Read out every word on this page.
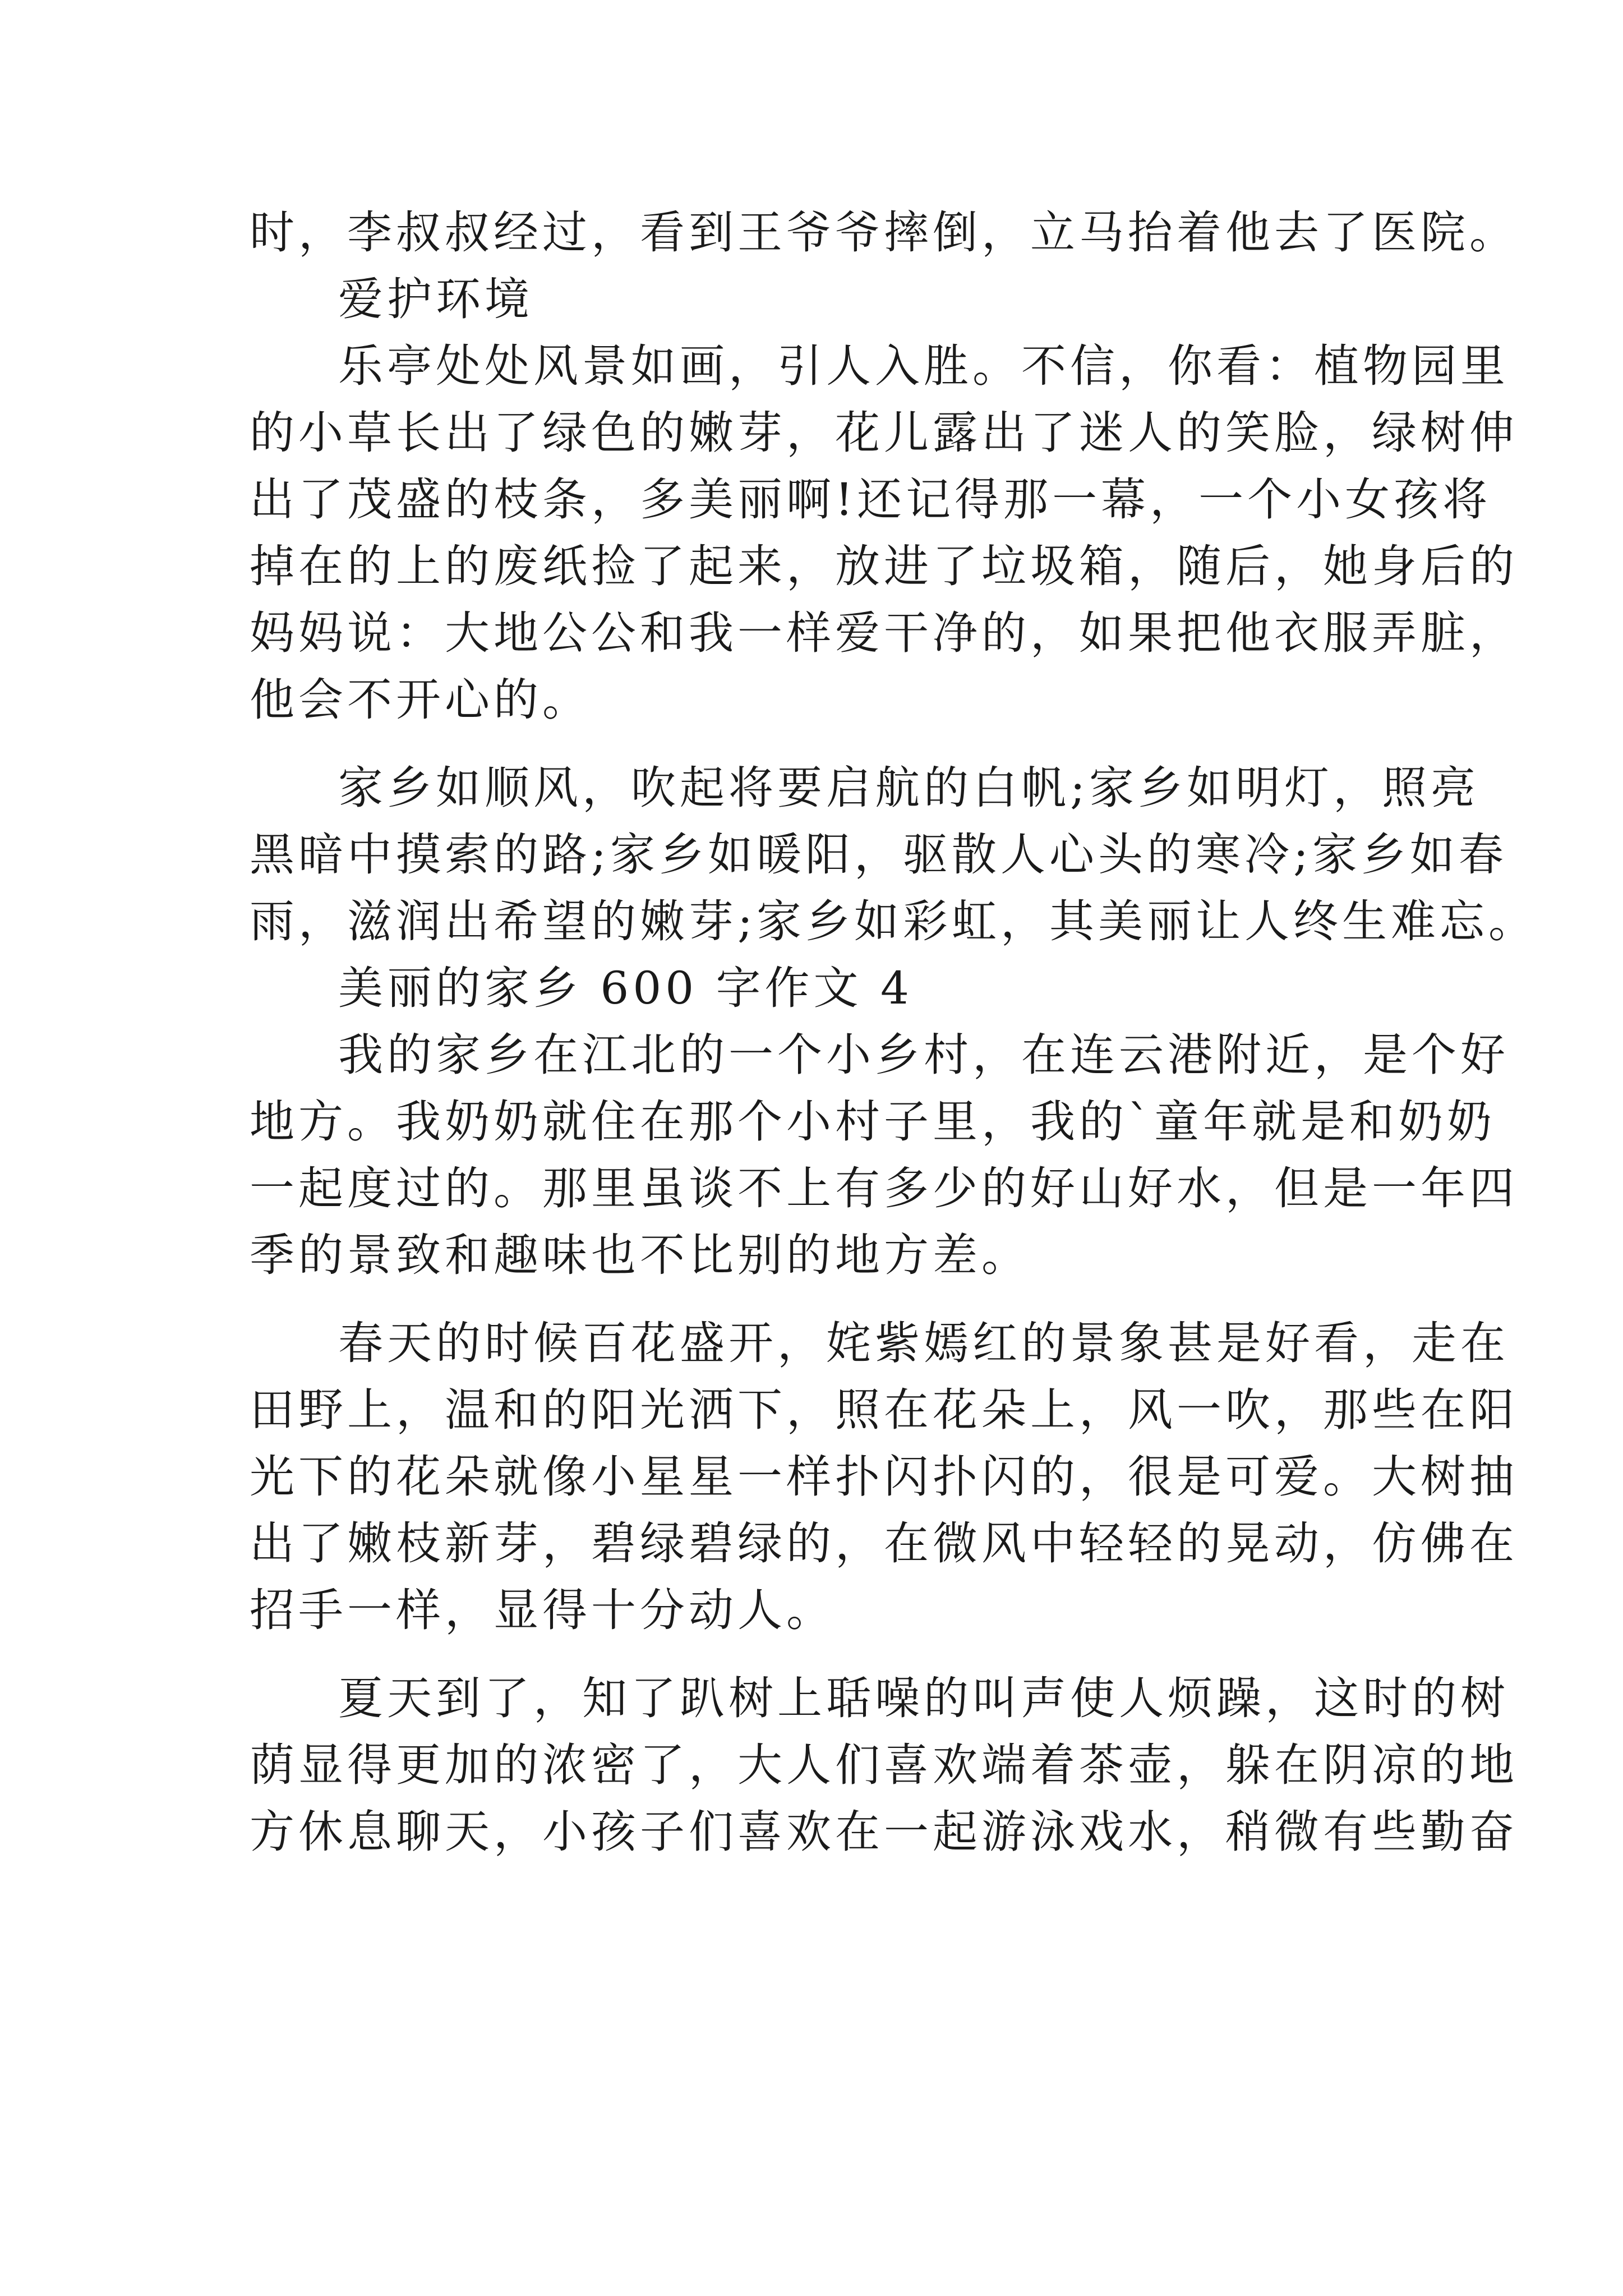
时，李叔叔经过，看到王爷爷摔倒，立马抬着他去了医院。
爱护环境
乐亭处处风景如画，引人入胜。不信，你看：植物园里
的小草长出了绿色的嫩芽，花儿露出了迷人的笑脸，绿树伸
出了茂盛的枝条，多美丽啊!还记得那一幕，一个小女孩将
掉在的上的废纸捡了起来，放进了垃圾箱，随后，她身后的
妈妈说：大地公公和我一样爱干净的，如果把他衣服弄脏，
他会不开心的。
家乡如顺风，吹起将要启航的白帆;家乡如明灯，照亮
黑暗中摸索的路;家乡如暖阳，驱散人心头的寒冷;家乡如春
雨，滋润出希望的嫩芽;家乡如彩虹，其美丽让人终生难忘。
美丽的家乡 600 字作文 4
我的家乡在江北的一个小乡村，在连云港附近，是个好
地方。我奶奶就住在那个小村子里，我的`童年就是和奶奶
一起度过的。那里虽谈不上有多少的好山好水，但是一年四
季的景致和趣味也不比别的地方差。
春天的时候百花盛开，姹紫嫣红的景象甚是好看，走在
田野上，温和的阳光洒下，照在花朵上，风一吹，那些在阳
光下的花朵就像小星星一样扑闪扑闪的，很是可爱。大树抽
出了嫩枝新芽，碧绿碧绿的，在微风中轻轻的晃动，仿佛在
招手一样，显得十分动人。
夏天到了，知了趴树上聒噪的叫声使人烦躁，这时的树
荫显得更加的浓密了，大人们喜欢端着茶壶，躲在阴凉的地
方休息聊天，小孩子们喜欢在一起游泳戏水，稍微有些勤奋
